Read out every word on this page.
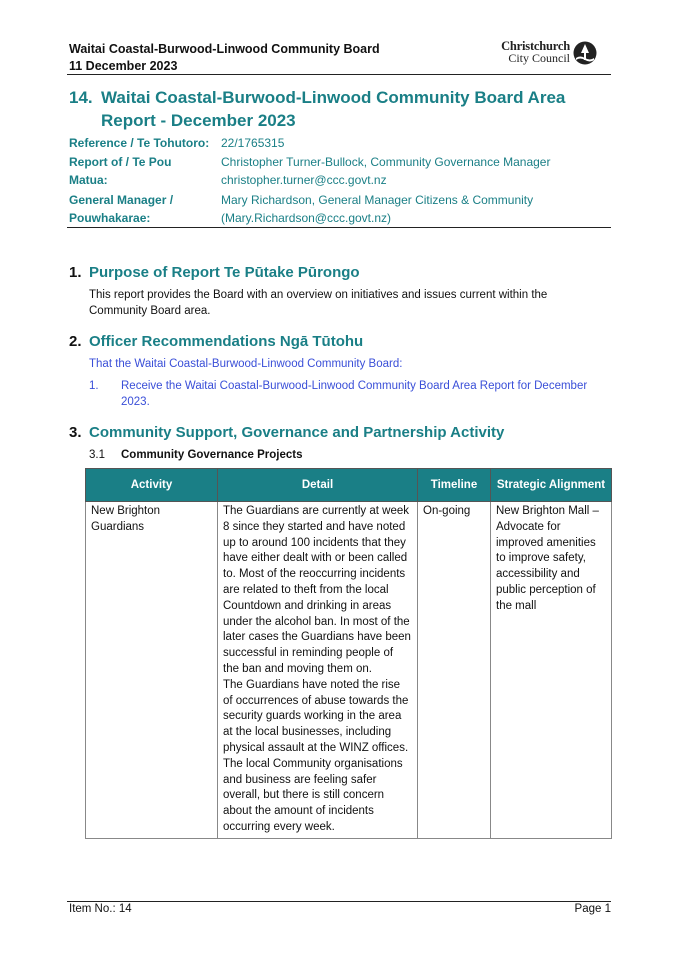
Waitai Coastal-Burwood-Linwood Community Board
11 December 2023
Christchurch
City Council
14. Waitai Coastal-Burwood-Linwood Community Board Area
Report - December 2023
Reference / Te Tohutoro: 22/1765315
Report of / Te Pou
Matua:
Christopher Turner-Bullock, Community Governance Manager
christopher.turner@ccc.govt.nz
General Manager /
Pouwhakarae:
Mary Richardson, General Manager Citizens & Community
(Mary.Richardson@ccc.govt.nz)
1. Purpose of Report Te Pūtake Pūrongo
This report provides the Board with an overview on initiatives and issues current within the Community Board area.
2. Officer Recommendations Ngā Tūtohu
That the Waitai Coastal-Burwood-Linwood Community Board:
1. Receive the Waitai Coastal-Burwood-Linwood Community Board Area Report for December 2023.
3. Community Support, Governance and Partnership Activity
3.1 Community Governance Projects
Activity	Detail	Timeline	Strategic Alignment
New Brighton Guardians	The Guardians are currently at week 8 since they started and have noted up to around 100 incidents that they have either dealt with or been called to. Most of the reoccurring incidents are related to theft from the local Countdown and drinking in areas under the alcohol ban. In most of the later cases the Guardians have been successful in reminding people of the ban and moving them on.
The Guardians have noted the rise of occurrences of abuse towards the security guards working in the area at the local businesses, including physical assault at the WINZ offices.
The local Community organisations and business are feeling safer overall, but there is still concern about the amount of incidents occurring every week.	On-going	New Brighton Mall – Advocate for improved amenities to improve safety, accessibility and public perception of the mall
Item No.: 14	Page 1
